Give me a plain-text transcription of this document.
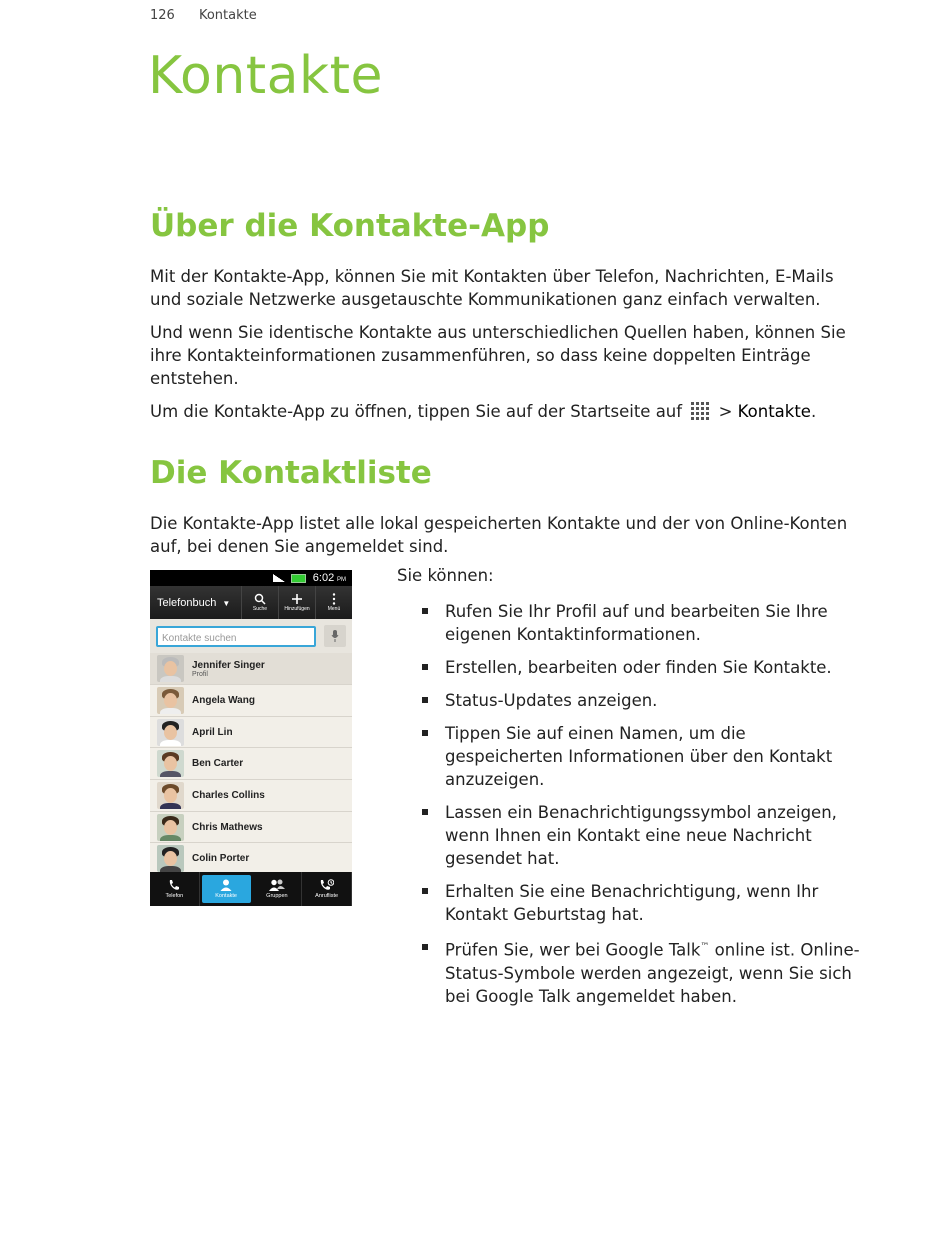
126 Kontakte
Kontakte
Über die Kontakte-App
Mit der Kontakte-App, können Sie mit Kontakten über Telefon, Nachrichten, E-Mails und soziale Netzwerke ausgetauschte Kommunikationen ganz einfach verwalten.
Und wenn Sie identische Kontakte aus unterschiedlichen Quellen haben, können Sie ihre Kontakteinformationen zusammenführen, so dass keine doppelten Einträge entstehen.
Um die Kontakte-App zu öffnen, tippen Sie auf der Startseite auf > Kontakte.
Die Kontaktliste
Die Kontakte-App listet alle lokal gespeicherten Kontakte und der von Online-Konten auf, bei denen Sie angemeldet sind.
6:02 PM
Telefonbuch ▼
Suche	Hinzufügen	Menü
Kontakte suchen
Jennifer Singer
Profil
Angela Wang
April Lin
Ben Carter
Charles Collins
Chris Mathews
Colin Porter
Telefon	Kontakte	Gruppen	Anrufliste
Sie können:
Rufen Sie Ihr Profil auf und bearbeiten Sie Ihre eigenen Kontaktinformationen.
Erstellen, bearbeiten oder finden Sie Kontakte.
Status-Updates anzeigen.
Tippen Sie auf einen Namen, um die gespeicherten Informationen über den Kontakt anzuzeigen.
Lassen ein Benachrichtigungssymbol anzeigen, wenn Ihnen ein Kontakt eine neue Nachricht gesendet hat.
Erhalten Sie eine Benachrichtigung, wenn Ihr Kontakt Geburtstag hat.
Prüfen Sie, wer bei Google Talk™ online ist. Online-Status-Symbole werden angezeigt, wenn Sie sich bei Google Talk angemeldet haben.
